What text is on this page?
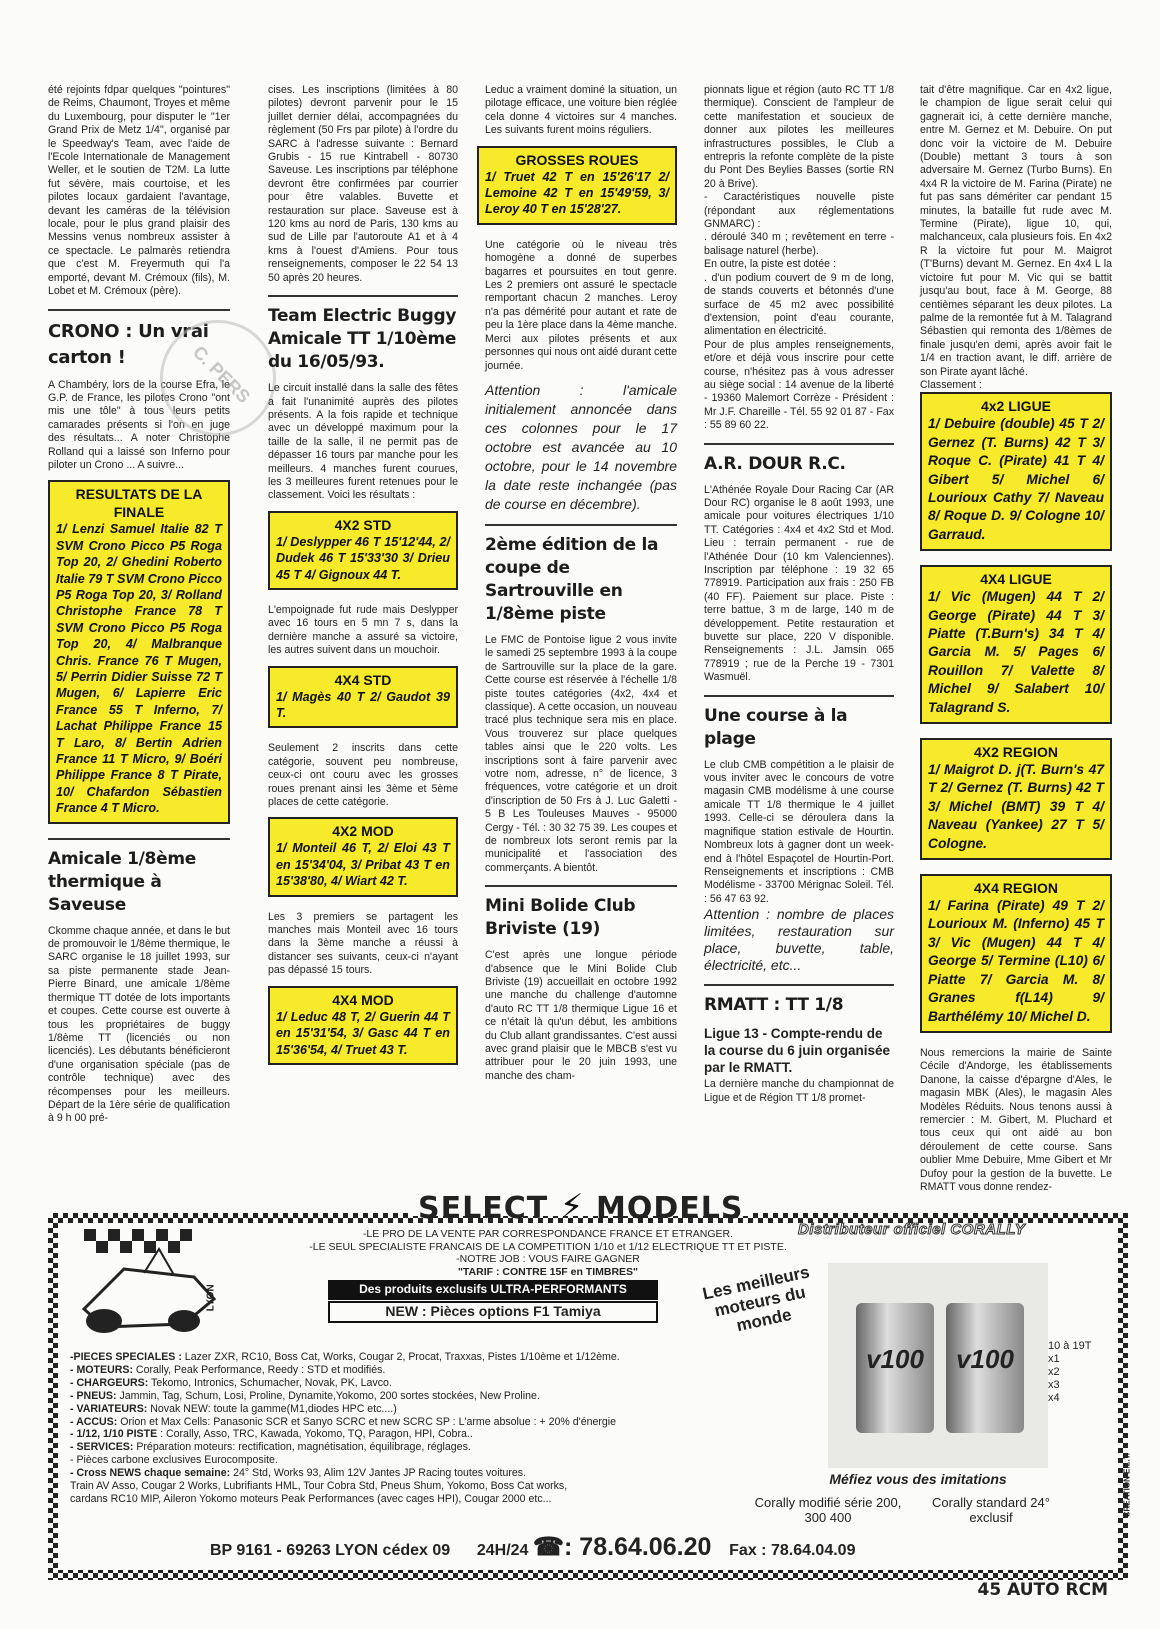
été rejoints fdpar quelques "pointures" de Reims, Chaumont, Troyes et même du Luxembourg, pour disputer le "1er Grand Prix de Metz 1/4", organisé par le Speedway's Team, avec l'aide de l'Ecole Internationale de Management Weller, et le soutien de T2M. La lutte fut sévère, mais courtoise, et les pilotes locaux gardaient l'avantage, devant les caméras de la télévision locale, pour le plus grand plaisir des Messins venus nombreux assister à ce spectacle. Le palmarès retiendra que c'est M. Freyermuth qui l'a emporté, devant M. Crémoux (fils), M. Lobet et M. Crémoux (père).

CRONO : Un vrai carton !

A Chambéry, lors de la course Efra, le G.P. de France, les pilotes Crono "ont mis une tôle" à tous leurs petits camarades présents si l'on en juge des résultats... A noter Christophe Rolland qui a laissé son Inferno pour piloter un Crono ... A suivre...

RESULTATS DE LA FINALE
1/ Lenzi Samuel Italie 82 T SVM Crono Picco P5 Roga Top 20, 2/ Ghedini Roberto Italie 79 T SVM Crono Picco P5 Roga Top 20, 3/ Rolland Christophe France 78 T SVM Crono Picco P5 Roga Top 20, 4/ Malbranque Chris. France 76 T Mugen, 5/ Perrin Didier Suisse 72 T Mugen, 6/ Lapierre Eric France 55 T Inferno, 7/ Lachat Philippe France 15 T Laro, 8/ Bertin Adrien France 11 T Micro, 9/ Boéri Philippe France 8 T Pirate, 10/ Chafardon Sébastien France 4 T Micro.
Amicale 1/8ème thermique à Saveuse

Ckomme chaque année, et dans le but de promouvoir le 1/8ème thermique, le SARC organise le 18 juillet 1993, sur sa piste permanente stade Jean-Pierre Binard, une amicale 1/8ème thermique TT dotée de lots importants et coupes. Cette course est ouverte à tous les propriétaires de buggy 1/8ème TT (licenciés ou non licenciés). Les débutants bénéficieront d'une organisation spéciale (pas de contrôle technique) avec des récompenses pour les meilleurs. Départ de la 1ère série de qualification à 9 h 00 pré-

C. PERS

cises. Les inscriptions (limitées à 80 pilotes) devront parvenir pour le 15 juillet dernier délai, accompagnées du règlement (50 Frs par pilote) à l'ordre du SARC à l'adresse suivante : Bernard Grubis - 15 rue Kintrabell - 80730 Saveuse. Les inscriptions par téléphone devront être confirmées par courrier pour être valables. Buvette et restauration sur place. Saveuse est à 120 kms au nord de Paris, 130 kms au sud de Lille par l'autoroute A1 et à 4 kms à l'ouest d'Amiens. Pour tous renseignements, composer le 22 54 13 50 après 20 heures.

Team Electric Buggy Amicale TT 1/10ème du 16/05/93.

Le circuit installé dans la salle des fêtes a fait l'unanimité auprès des pilotes présents. A la fois rapide et technique avec un développé maximum pour la taille de la salle, il ne permit pas de dépasser 16 tours par manche pour les meilleurs. 4 manches furent courues, les 3 meilleures furent retenues pour le classement. Voici les résultats :

4X2 STD
1/ Deslypper 46 T 15'12'44, 2/ Dudek 46 T 15'33'30 3/ Drieu 45 T 4/ Gignoux 44 T.

L'empoignade fut rude mais Deslypper avec 16 tours en 5 mn 7 s, dans la dernière manche a assuré sa victoire, les autres suivent dans un mouchoir.

4X4 STD
1/ Magès 40 T 2/ Gaudot 39 T.

Seulement 2 inscrits dans cette catégorie, souvent peu nombreuse, ceux-ci ont couru avec les grosses roues prenant ainsi les 3ème et 5ème places de cette catégorie.

4X2 MOD
1/ Monteil 46 T, 2/ Eloi 43 T en 15'34'04, 3/ Pribat 43 T en 15'38'80, 4/ Wiart 42 T.

Les 3 premiers se partagent les manches mais Monteil avec 16 tours dans la 3ème manche a réussi à distancer ses suivants, ceux-ci n'ayant pas dépassé 15 tours.

4X4 MOD
1/ Leduc 48 T, 2/ Guerin 44 T en 15'31'54, 3/ Gasc 44 T en 15'36'54, 4/ Truet 43 T.

Leduc a vraiment dominé la situation, un pilotage efficace, une voiture bien réglée cela donne 4 victoires sur 4 manches. Les suivants furent moins réguliers.

GROSSES ROUES
1/ Truet 42 T en 15'26'17 2/ Lemoine 42 T en 15'49'59, 3/ Leroy 40 T en 15'28'27.

Une catégorie où le niveau très homogène a donné de superbes bagarres et poursuites en tout genre. Les 2 premiers ont assuré le spectacle remportant chacun 2 manches. Leroy n'a pas démérité pour autant et rate de peu la 1ère place dans la 4ème manche. Merci aux pilotes présents et aux personnes qui nous ont aidé durant cette journée.

Attention : l'amicale initialement annoncée dans ces colonnes pour le 17 octobre est avancée au 10 octobre, pour le 14 novembre la date reste inchangée (pas de course en décembre).
2ème édition de la coupe de Sartrouville en 1/8ème piste

Le FMC de Pontoise ligue 2 vous invite le samedi 25 septembre 1993 à la coupe de Sartrouville sur la place de la gare. Cette course est réservée à l'échelle 1/8 piste toutes catégories (4x2, 4x4 et classique). A cette occasion, un nouveau tracé plus technique sera mis en place. Vous trouverez sur place quelques tables ainsi que le 220 volts. Les inscriptions sont à faire parvenir avec votre nom, adresse, n° de licence, 3 fréquences, votre catégorie et un droit d'inscription de 50 Frs à J. Luc Galetti - 5 B Les Touleuses Mauves - 95000 Cergy - Tél. : 30 32 75 39. Les coupes et de nombreux lots seront remis par la municipalité et l'association des commerçants. A bientôt.

Mini Bolide Club Briviste (19)

C'est après une longue période d'absence que le Mini Bolide Club Briviste (19) accueillait en octobre 1992 une manche du challenge d'automne d'auto RC TT 1/8 thermique Ligue 16 et ce n'était là qu'un début, les ambitions du Club allant grandissantes. C'est aussi avec grand plaisir que le MBCB s'est vu attribuer pour le 20 juin 1993, une manche des cham-

pionnats ligue et région (auto RC TT 1/8 thermique). Conscient de l'ampleur de cette manifestation et soucieux de donner aux pilotes les meilleures infrastructures possibles, le Club a entrepris la refonte complète de la piste du Pont Des Beylies Basses (sortie RN 20 à Brive).

- Caractéristiques nouvelle piste (répondant aux réglementations GNMARC) :

. déroulé 340 m ; revêtement en terre - balisage naturel (herbe).

En outre, la piste est dotée :

. d'un podium couvert de 9 m de long, de stands couverts et bétonnés d'une surface de 45 m2 avec possibilité d'extension, point d'eau courante, alimentation en électricité.

Pour de plus amples renseignements, et/ore et déjà vous inscrire pour cette course, n'hésitez pas à vous adresser au siège social : 14 avenue de la liberté - 19360 Malemort Corrèze - Président : Mr J.F. Chareille - Tél. 55 92 01 87 - Fax : 55 89 60 22.

A.R. DOUR R.C.

L'Athénée Royale Dour Racing Car (AR Dour RC) organise le 8 août 1993, une amicale pour voitures électriques 1/10 TT. Catégories : 4x4 et 4x2 Std et Mod. Lieu : terrain permanent - rue de l'Athénée Dour (10 km Valenciennes). Inscription par téléphone : 19 32 65 778919. Participation aux frais : 250 FB (40 FF). Paiement sur place. Piste : terre battue, 3 m de large, 140 m de développement. Petite restauration et buvette sur place, 220 V disponible. Renseignements : J.L. Jamsin 065 778919 ; rue de la Perche 19 - 7301 Wasmuël.

Une course à la plage

Le club CMB compétition a le plaisir de vous inviter avec le concours de votre magasin CMB modélisme à une course amicale TT 1/8 thermique le 4 juillet 1993. Celle-ci se déroulera dans la magnifique station estivale de Hourtin. Nombreux lots à gagner dont un week-end à l'hôtel Espaçotel de Hourtin-Port. Renseignements et inscriptions : CMB Modélisme - 33700 Mérignac Soleil. Tél. : 56 47 63 92.

Attention : nombre de places limitées, restauration sur place, buvette, table, électricité, etc...
RMATT : TT 1/8
Ligue 13 - Compte-rendu de la course du 6 juin organisée par le RMATT.

La dernière manche du championnat de Ligue et de Région TT 1/8 promet-

tait d'être magnifique. Car en 4x2 ligue, le champion de ligue serait celui qui gagnerait ici, à cette dernière manche, entre M. Gernez et M. Debuire. On put donc voir la victoire de M. Debuire (Double) mettant 3 tours à son adversaire M. Gernez (Turbo Burns). En 4x4 R la victoire de M. Farina (Pirate) ne fut pas sans démériter car pendant 15 minutes, la bataille fut rude avec M. Termine (Pirate), ligue 10, qui, malchanceux, cala plusieurs fois. En 4x2 R la victoire fut pour M. Maigrot (T'Burns) devant M. Gernez. En 4x4 L la victoire fut pour M. Vic qui se battit jusqu'au bout, face à M. George, 88 centièmes séparant les deux pilotes. La palme de la remontée fut à M. Talagrand Sébastien qui remonta des 1/8èmes de finale jusqu'en demi, après avoir fait le 1/4 en traction avant, le diff. arrière de son Pirate ayant lâché.

Classement :

4x2 LIGUE
1/ Debuire (double) 45 T 2/ Gernez (T. Burns) 42 T 3/ Roque C. (Pirate) 41 T 4/ Gibert 5/ Michel 6/ Lourioux Cathy 7/ Naveau 8/ Roque D. 9/ Cologne 10/ Garraud.
4X4 LIGUE
1/ Vic (Mugen) 44 T 2/ George (Pirate) 44 T 3/ Piatte (T.Burn's) 34 T 4/ Garcia M. 5/ Pages 6/ Rouillon 7/ Valette 8/ Michel 9/ Salabert 10/ Talagrand S.
4X2 REGION
1/ Maigrot D. j(T. Burn's 47 T 2/ Gernez (T. Burns) 42 T 3/ Michel (BMT) 39 T 4/ Naveau (Yankee) 27 T 5/ Cologne.
4X4 REGION
1/ Farina (Pirate) 49 T 2/ Lourioux M. (Inferno) 45 T 3/ Vic (Mugen) 44 T 4/ George 5/ Termine (L10) 6/ Piatte 7/ Garcia M. 8/ Granes f(L14) 9/ Barthélémy 10/ Michel D.

Nous remercions la mairie de Sainte Cécile d'Andorge, les établissements Danone, la caisse d'épargne d'Ales, le magasin MBK (Ales), le magasin Ales Modèles Réduits. Nous tenons aussi à remercier : M. Gibert, M. Pluchard et tous ceux qui ont aidé au bon déroulement de cette course. Sans oublier Mme Debuire, Mme Gibert et Mr Dufoy pour la gestion de la buvette. Le RMATT vous donne rendez-

SELECT ⚡ MODELS
LYON
-LE PRO DE LA VENTE PAR CORRESPONDANCE FRANCE ET ETRANGER.
-LE SEUL SPECIALISTE FRANCAIS DE LA COMPETITION 1/10 et 1/12 ELECTRIQUE TT ET PISTE.
-NOTRE JOB : VOUS FAIRE GAGNER
"TARIF : CONTRE 15F en TIMBRES"
Des produits exclusifs ULTRA-PERFORMANTS
NEW : Pièces options F1 Tamiya
Distributeur officiel CORALLY
Les meilleurs moteurs du monde
v100	v100	10 à 19T
x1
x2
x3
x4
Méfiez vous des imitations
Corally modifié série 200, 300 400
Corally standard 24° exclusif
CREATION E.L.T.
-PIECES SPECIALES : Lazer ZXR, RC10, Boss Cat, Works, Cougar 2, Procat, Traxxas, Pistes 1/10ème et 1/12ème.
- MOTEURS: Corally, Peak Performance, Reedy : STD et modifiés.
- CHARGEURS: Tekomo, Intronics, Schumacher, Novak, PK, Lavco.
- PNEUS: Jammin, Tag, Schum, Losi, Proline, Dynamite,Yokomo, 200 sortes stockées, New Proline.
- VARIATEURS: Novak NEW: toute la gamme(M1,diodes HPC etc....)
- ACCUS: Orion et Max Cells: Panasonic SCR et Sanyo SCRC et new SCRC SP : L'arme absolue : + 20% d'énergie
- 1/12, 1/10 PISTE : Corally, Asso, TRC, Kawada, Yokomo, TQ, Paragon, HPI, Cobra..
- SERVICES: Préparation moteurs: rectification, magnétisation, équilibrage, réglages.
- Pièces carbone exclusives Eurocomposite.
- Cross NEWS chaque semaine: 24° Std, Works 93, Alim 12V Jantes JP Racing toutes voitures.
Train AV Asso, Cougar 2 Works, Lubrifiants HML, Tour Cobra Std, Pneus Shum, Yokomo, Boss Cat works,
cardans RC10 MIP, Aileron Yokomo moteurs Peak Performances (avec cages HPI), Cougar 2000 etc...
BP 9161 - 69263 LYON cédex 09 24H/24 ☎: 78.64.06.20 Fax : 78.64.04.09
45 AUTO RCM
